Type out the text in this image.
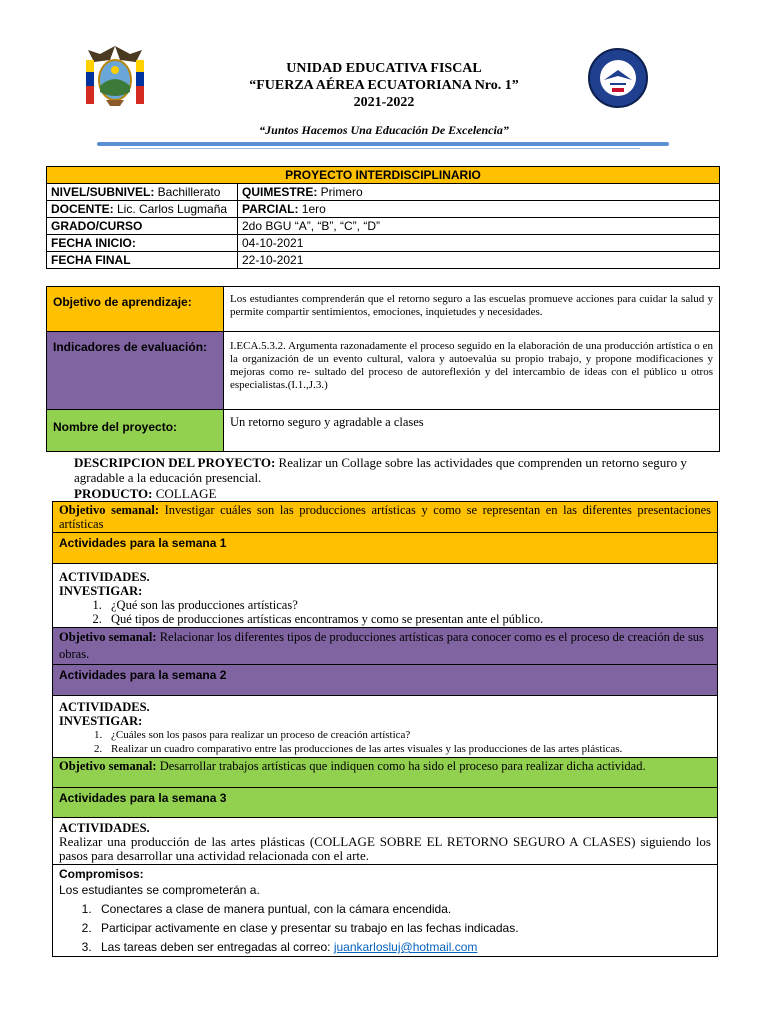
UNIDAD EDUCATIVA FISCAL
“FUERZA AÉREA ECUATORIANA Nro. 1”
2021-2022
“Juntos Hacemos Una Educación De Excelencia”
PROYECTO INTERDISCIPLINARIO	
NIVEL/SUBNIVEL: Bachillerato	QUIMESTRE: Primero
DOCENTE: Lic. Carlos Lugmaña	PARCIAL: 1ero
GRADO/CURSO	2do BGU “A”, “B”, “C”, “D”
FECHA INICIO:	04-10-2021
FECHA FINAL	22-10-2021
Objetivo de aprendizaje:	Los estudiantes comprenderán que el retorno seguro a las escuelas promueve acciones para cuidar la salud y permite compartir sentimientos, emociones, inquietudes y necesidades.
Indicadores de evaluación:	I.ECA.5.3.2. Argumenta razonadamente el proceso seguido en la elaboración de una producción artística o en la organización de un evento cultural, valora y autoevalúa su propio trabajo, y propone modificaciones y mejoras como re- sultado del proceso de autoreflexión y del intercambio de ideas con el público u otros especialistas.(I.1.,J.3.)
Nombre del proyecto:	Un retorno seguro y agradable a clases
DESCRIPCION DEL PROYECTO: Realizar un Collage sobre las actividades que comprenden un retorno seguro y agradable a la educación presencial.
PRODUCTO: COLLAGE
Objetivo semanal: Investigar cuáles son las producciones artísticas y como se representan en las diferentes presentaciones artísticas
Actividades para la semana 1

ACTIVIDADES.
INVESTIGAR:
1. ¿Qué son las producciones artísticas?
2. Qué tipos de producciones artísticas encontramos y como se presentan ante el público.

Objetivo semanal: Relacionar los diferentes tipos de producciones artísticas para conocer como es el proceso de creación de sus obras.
Actividades para la semana 2

ACTIVIDADES.
INVESTIGAR:
1. ¿Cuáles son los pasos para realizar un proceso de creación artística?
2. Realizar un cuadro comparativo entre las producciones de las artes visuales y las producciones de las artes plásticas.

Objetivo semanal: Desarrollar trabajos artísticas que indiquen como ha sido el proceso para realizar dicha actividad.
Actividades para la semana 3

ACTIVIDADES.
Realizar una producción de las artes plásticas (COLLAGE SOBRE EL RETORNO SEGURO A CLASES) siguiendo los pasos para desarrollar una actividad relacionada con el arte.

Compromisos:
Los estudiantes se comprometerán a.
1. Conectares a clase de manera puntual, con la cámara encendida.
2. Participar activamente en clase y presentar su trabajo en las fechas indicadas.
3. Las tareas deben ser entregadas al correo: juankarlosluj@hotmail.com
